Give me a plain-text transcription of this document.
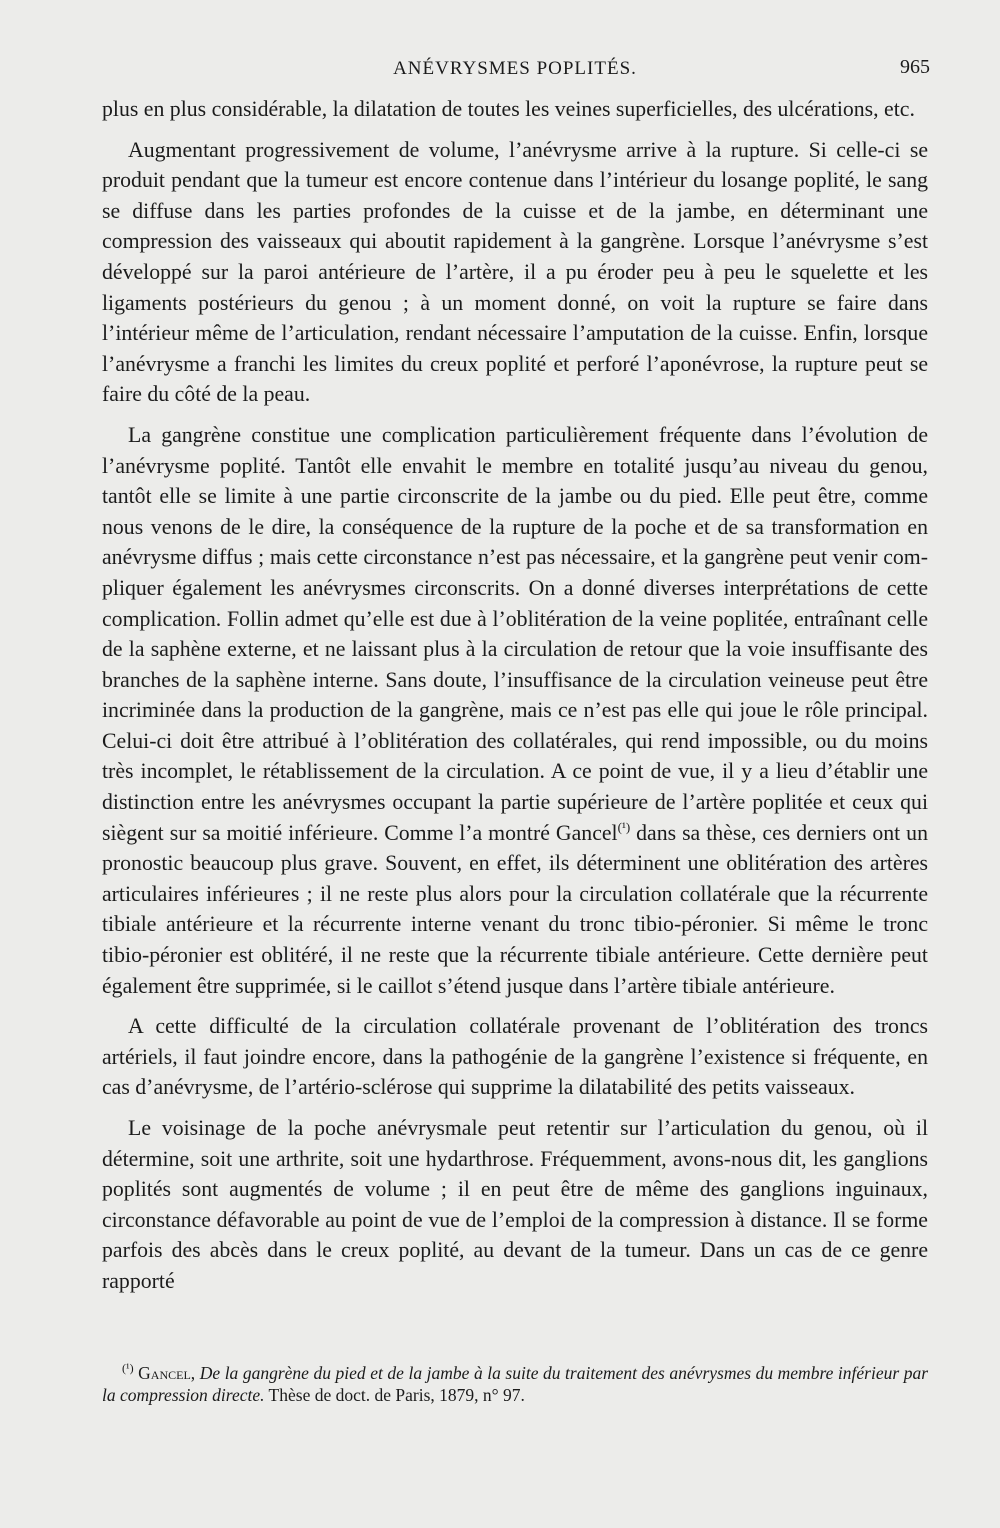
ANÉVRYSMES POPLITÉS.	965

plus en plus considérable, la dilatation de toutes les veines superficielles, des ulcérations, etc.

Augmentant progressivement de volume, l’anévrysme arrive à la rupture. Si celle-ci se produit pendant que la tumeur est encore contenue dans l’intérieur du losange poplité, le sang se diffuse dans les parties profondes de la cuisse et de la jambe, en déterminant une compression des vaisseaux qui aboutit rapidement à la gangrène. Lorsque l’anévrysme s’est développé sur la paroi antérieure de l’artère, il a pu éroder peu à peu le squelette et les ligaments postérieurs du genou ; à un moment donné, on voit la rupture se faire dans l’intérieur même de l’articulation, rendant nécessaire l’amputation de la cuisse. Enfin, lorsque l’anévrysme a franchi les limites du creux poplité et perforé l’aponévrose, la rupture peut se faire du côté de la peau.

La gangrène constitue une complication particulièrement fréquente dans l’évolution de l’anévrysme poplité. Tantôt elle envahit le membre en totalité jusqu’au niveau du genou, tantôt elle se limite à une partie circonscrite de la jambe ou du pied. Elle peut être, comme nous venons de le dire, la conséquence de la rupture de la poche et de sa transformation en anévrysme diffus ; mais cette circonstance n’est pas nécessaire, et la gangrène peut venir compliquer également les anévrysmes circonscrits. On a donné diverses interprétations de cette complication. Follin admet qu’elle est due à l’oblitération de la veine poplitée, entraînant celle de la saphène externe, et ne laissant plus à la circulation de retour que la voie insuffisante des branches de la saphène interne. Sans doute, l’insuffisance de la circulation veineuse peut être incriminée dans la production de la gangrène, mais ce n’est pas elle qui joue le rôle principal. Celui-ci doit être attribué à l’oblitération des collatérales, qui rend impossible, ou du moins très incomplet, le rétablissement de la circulation. A ce point de vue, il y a lieu d’établir une distinction entre les anévrysmes occupant la partie supérieure de l’artère poplitée et ceux qui siègent sur sa moitié inférieure. Comme l’a montré Gancel$^{(^1)}$ dans sa thèse, ces derniers ont un pronostic beaucoup plus grave. Souvent, en effet, ils déterminent une oblitération des artères articulaires inférieures ; il ne reste plus alors pour la circulation collatérale que la récurrente tibiale antérieure et la récurrente interne venant du tronc tibio-péronier. Si même le tronc tibio-péronier est oblitéré, il ne reste que la récurrente tibiale antérieure. Cette dernière peut également être supprimée, si le caillot s’étend jusque dans l’artère tibiale antérieure.

A cette difficulté de la circulation collatérale provenant de l’oblitération des troncs artériels, il faut joindre encore, dans la pathogénie de la gangrène l’existence si fréquente, en cas d’anévrysme, de l’artério-sclérose qui supprime la dilatabilité des petits vaisseaux.

Le voisinage de la poche anévrysmale peut retentir sur l’articulation du genou, où il détermine, soit une arthrite, soit une hydarthrose. Fréquemment, avons-nous dit, les ganglions poplités sont augmentés de volume ; il en peut être de même des ganglions inguinaux, circonstance défavorable au point de vue de l’emploi de la compression à distance. Il se forme parfois des abcès dans le creux poplité, au devant de la tumeur. Dans un cas de ce genre rapporté

$^{(^1)}$ Gancel, De la gangrène du pied et de la jambe à la suite du traitement des anévrysmes du membre inférieur par la compression directe. Thèse de doct. de Paris, 1879, n° 97.
